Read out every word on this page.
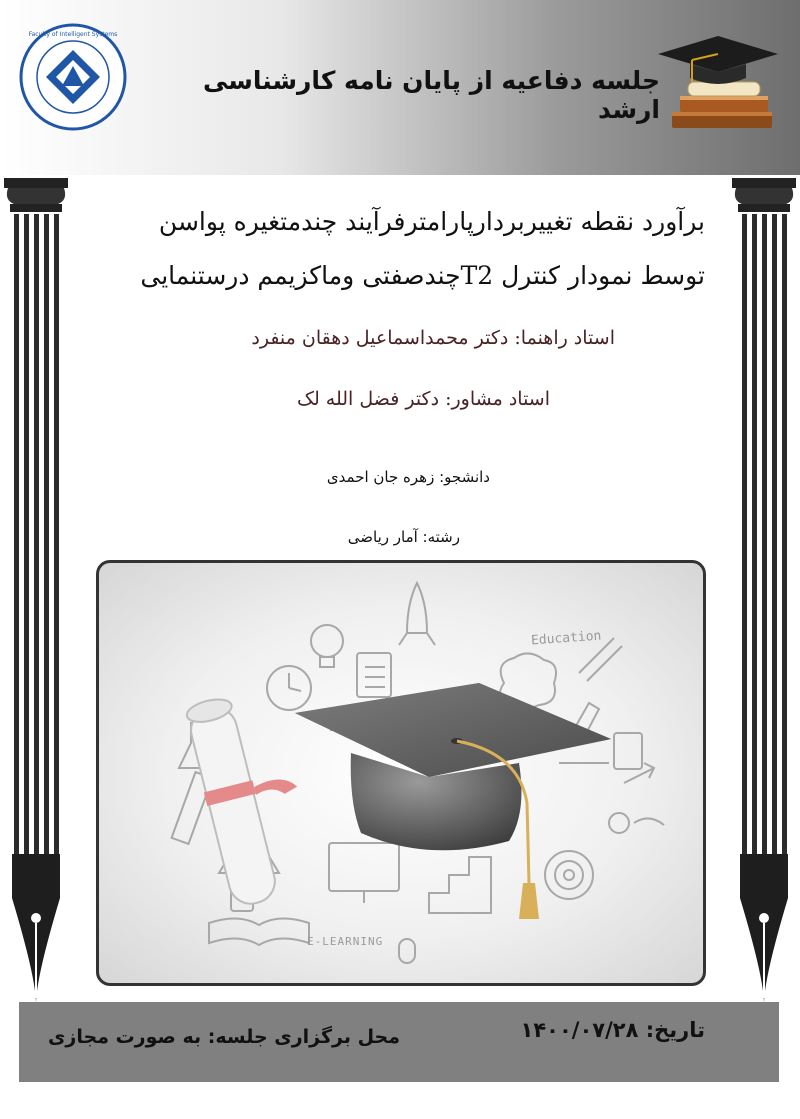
Faculty of Intelligent Systems
جلسه دفاعیه از پایان نامه کارشناسی ارشد
برآورد نقطه تغییربردارپارامترفرآیند چندمتغیره پواسن
توسط نمودار کنترل T2چندصفتی وماکزیمم درستنمایی
استاد راهنما: دکتر محمداسماعیل دهقان منفرد
استاد مشاور: دکتر فضل الله لک
دانشجو: زهره جان احمدی
رشته: آمار ریاضی
Education
E-LEARNING
تاریخ: ۱۴۰۰/۰۷/۲۸
محل برگزاری جلسه: به صورت مجازی
